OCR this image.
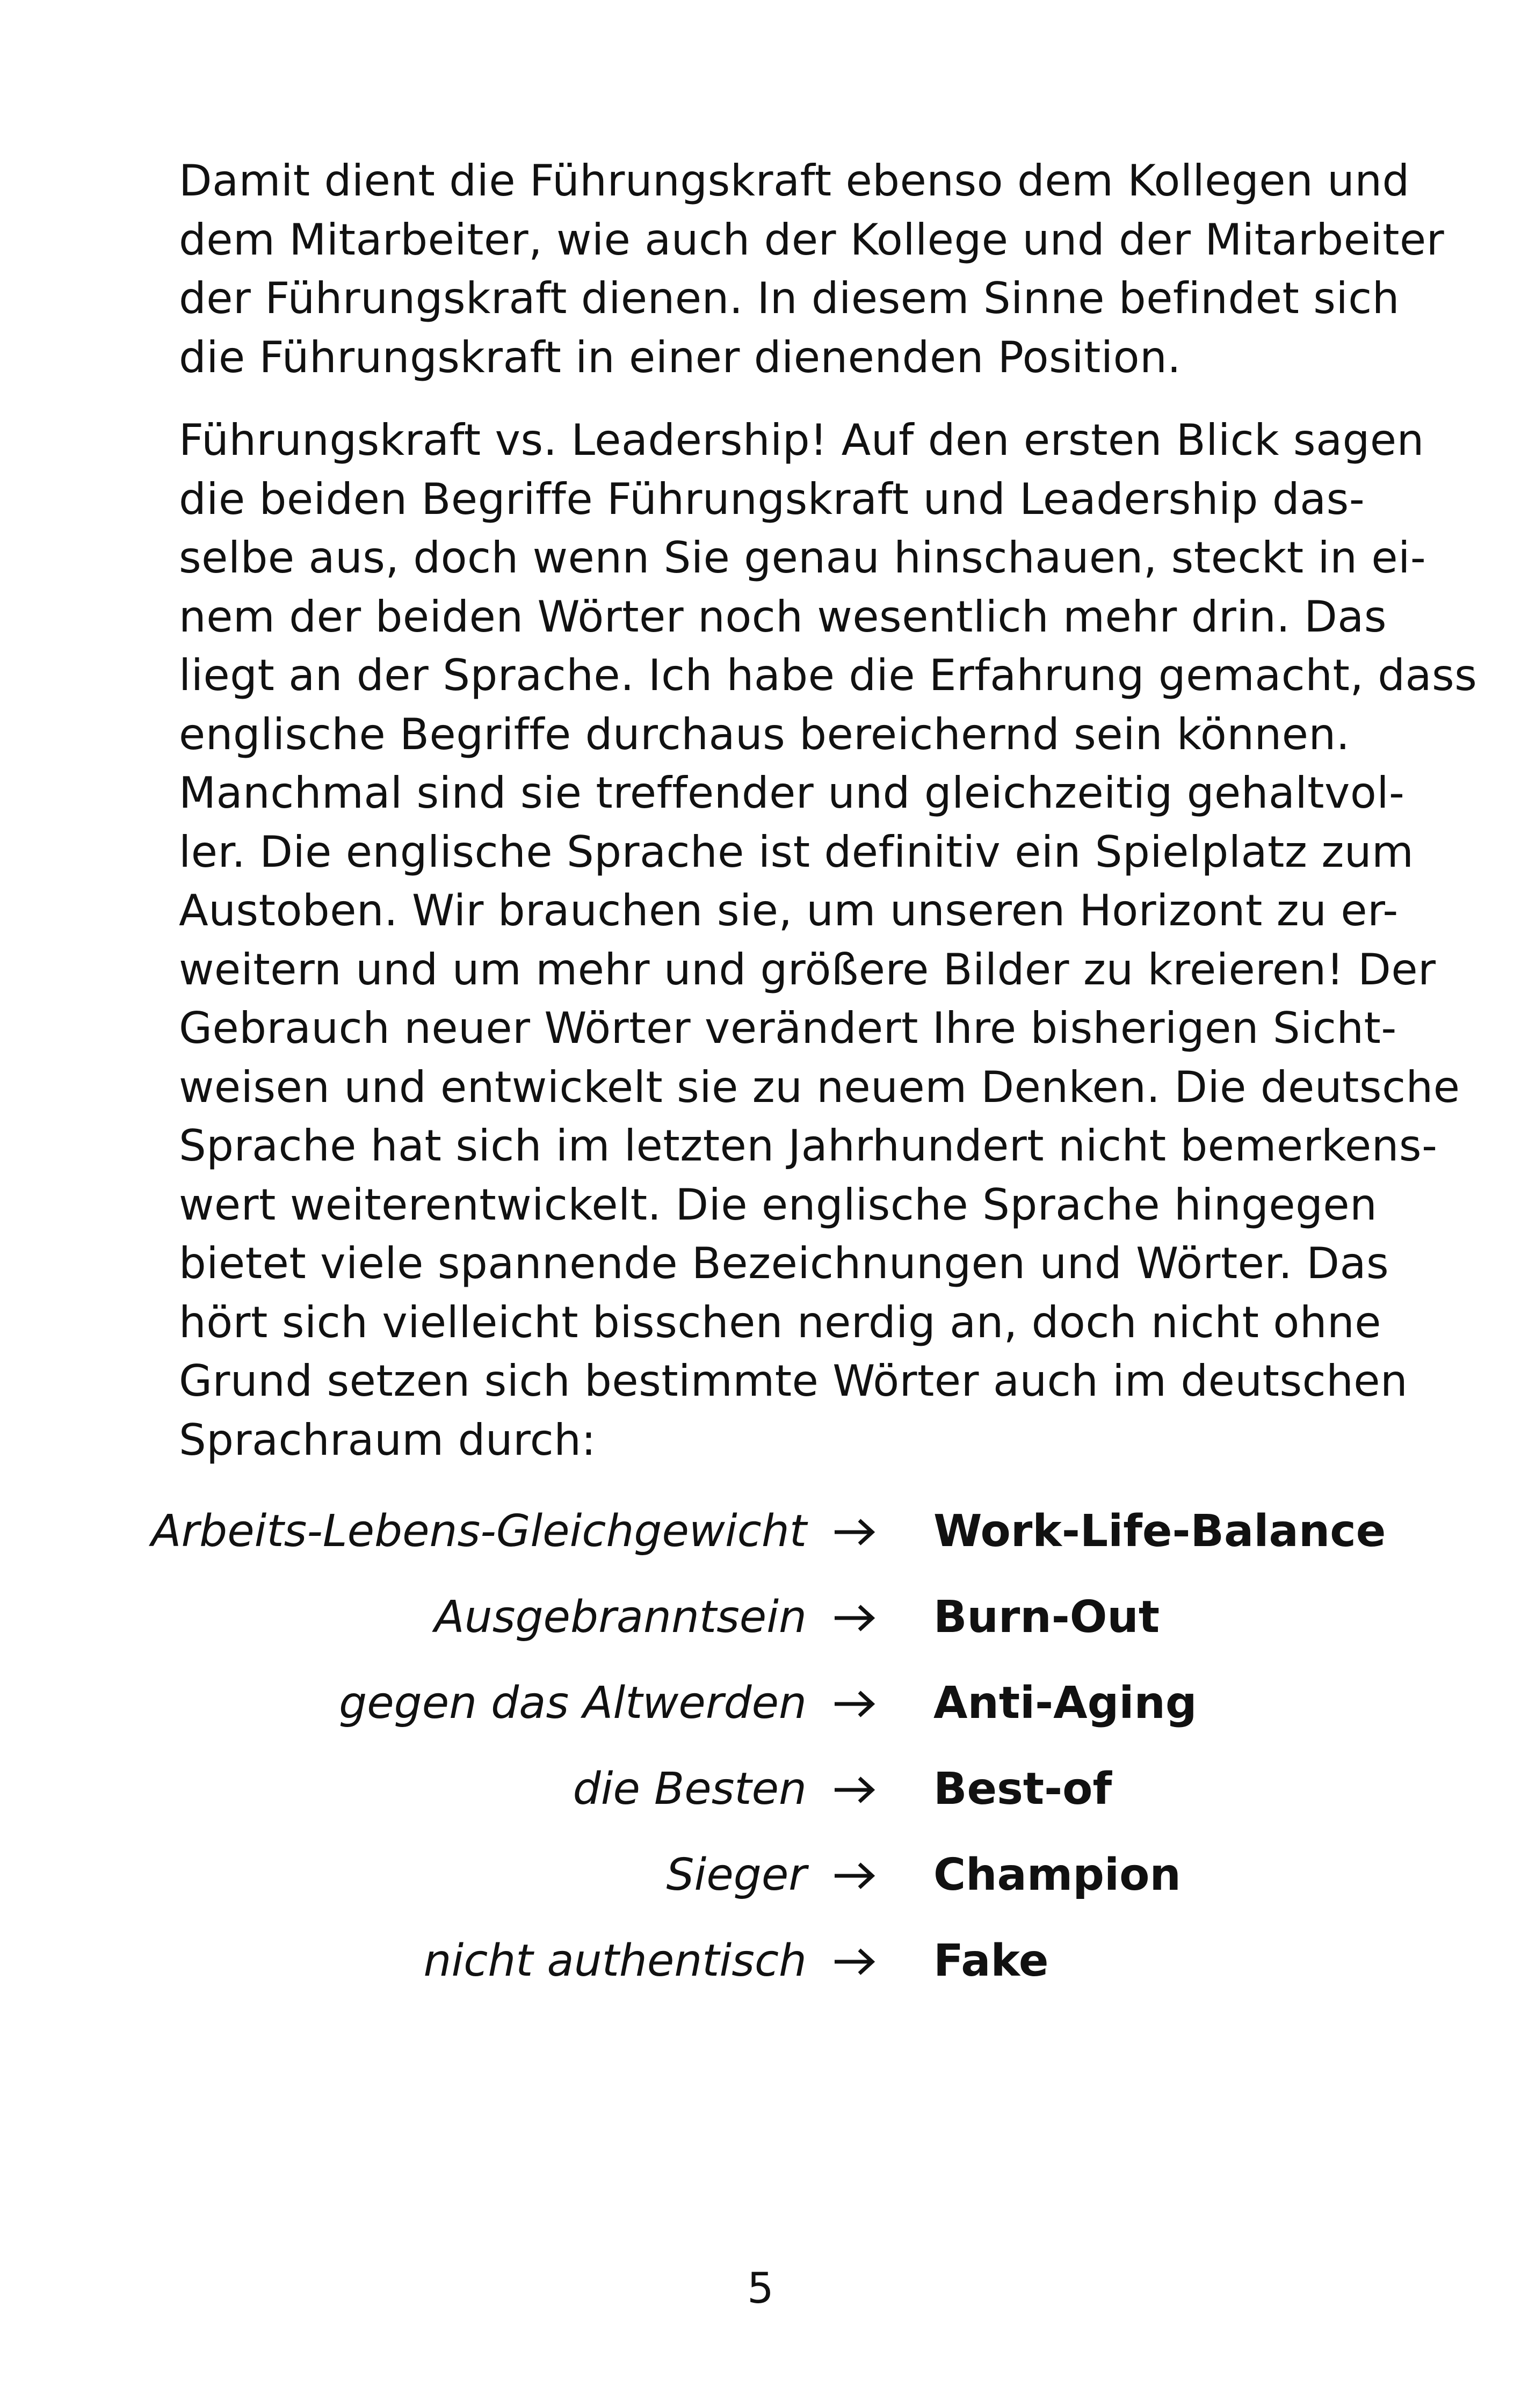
Damit dient die Führungskraft ebenso dem Kollegen und
dem Mitarbeiter, wie auch der Kollege und der Mitarbeiter
der Führungskraft dienen. In diesem Sinne befindet sich
die Führungskraft in einer dienenden Position.

Führungskraft vs. Leadership! Auf den ersten Blick sagen
die beiden Begriffe Führungskraft und Leadership das-
selbe aus, doch wenn Sie genau hinschauen, steckt in ei-
nem der beiden Wörter noch wesentlich mehr drin. Das
liegt an der Sprache. Ich habe die Erfahrung gemacht, dass
englische Begriffe durchaus bereichernd sein können.
Manchmal sind sie treffender und gleichzeitig gehaltvol-
ler. Die englische Sprache ist definitiv ein Spielplatz zum
Austoben. Wir brauchen sie, um unseren Horizont zu er-
weitern und um mehr und größere Bilder zu kreieren! Der
Gebrauch neuer Wörter verändert Ihre bisherigen Sicht-
weisen und entwickelt sie zu neuem Denken. Die deutsche
Sprache hat sich im letzten Jahrhundert nicht bemerkens-
wert weiterentwickelt. Die englische Sprache hingegen
bietet viele spannende Bezeichnungen und Wörter. Das
hört sich vielleicht bisschen nerdig an, doch nicht ohne
Grund setzen sich bestimmte Wörter auch im deutschen
Sprachraum durch:

Arbeits-Lebens-Gleichgewicht	Work-Life-Balance
Ausgebranntsein	Burn-Out
gegen das Altwerden	Anti-Aging
die Besten	Best-of
Sieger	Champion
nicht authentisch	Fake
5
